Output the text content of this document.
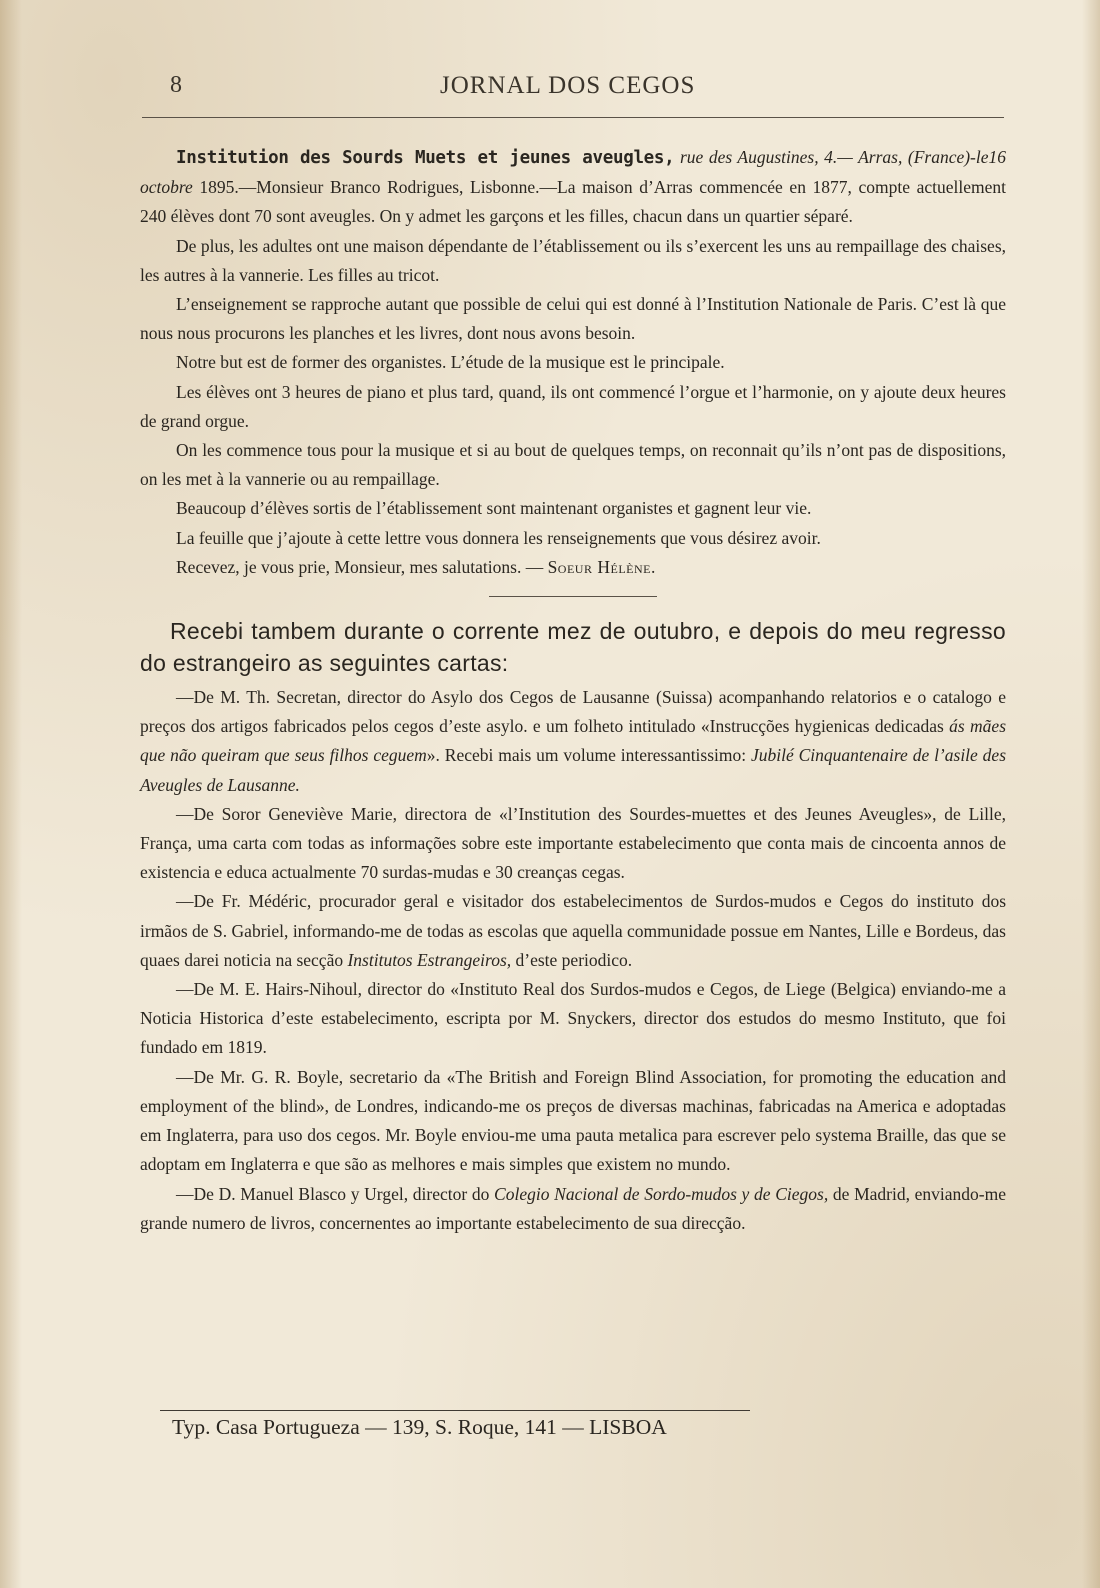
8	JORNAL DOS CEGOS

Institution des Sourds Muets et jeunes aveugles, rue des Augustines, 4.— Arras, (France)-le16 octobre 1895.—Monsieur Branco Rodrigues, Lisbonne.—La maison d’Arras commencée en 1877, compte actuellement 240 élèves dont 70 sont aveugles. On y admet les garçons et les filles, chacun dans un quartier séparé.

De plus, les adultes ont une maison dépendante de l’établissement ou ils s’exercent les uns au rempaillage des chaises, les autres à la vannerie. Les filles au tricot.

L’enseignement se rapproche autant que possible de celui qui est donné à l’Institution Nationale de Paris. C’est là que nous nous procurons les planches et les livres, dont nous avons besoin.

Notre but est de former des organistes. L’étude de la musique est le principale.

Les élèves ont 3 heures de piano et plus tard, quand, ils ont commencé l’orgue et l’harmonie, on y ajoute deux heures de grand orgue.

On les commence tous pour la musique et si au bout de quelques temps, on reconnait qu’ils n’ont pas de dispositions, on les met à la vannerie ou au rempaillage.

Beaucoup d’élèves sortis de l’établissement sont maintenant organistes et gagnent leur vie.

La feuille que j’ajoute à cette lettre vous donnera les renseignements que vous désirez avoir.

Recevez, je vous prie, Monsieur, mes salutations. — Soeur Hélène.

Recebi tambem durante o corrente mez de outubro, e depois do meu regresso do estrangeiro as seguintes cartas:

—De M. Th. Secretan, director do Asylo dos Cegos de Lausanne (Suissa) acompanhando relatorios e o catalogo e preços dos artigos fabricados pelos cegos d’este asylo. e um folheto intitulado «Instrucções hygienicas dedicadas ás mães que não queiram que seus filhos ceguem». Recebi mais um volume interessantissimo: Jubilé Cinquantenaire de l’asile des Aveugles de Lausanne.

—De Soror Geneviève Marie, directora de «l’Institution des Sourdes-muettes et des Jeunes Aveugles», de Lille, França, uma carta com todas as informações sobre este importante estabelecimento que conta mais de cincoenta annos de existencia e educa actualmente 70 surdas-mudas e 30 creanças cegas.

—De Fr. Médéric, procurador geral e visitador dos estabelecimentos de Surdos-mudos e Cegos do instituto dos irmãos de S. Gabriel, informando-me de todas as escolas que aquella communidade possue em Nantes, Lille e Bordeus, das quaes darei noticia na secção Institutos Estrangeiros, d’este periodico.

—De M. E. Hairs-Nihoul, director do «Instituto Real dos Surdos-mudos e Cegos, de Liege (Belgica) enviando-me a Noticia Historica d’este estabelecimento, escripta por M. Snyckers, director dos estudos do mesmo Instituto, que foi fundado em 1819.

—De Mr. G. R. Boyle, secretario da «The British and Foreign Blind Association, for promoting the education and employment of the blind», de Londres, indicando-me os preços de diversas machinas, fabricadas na America e adoptadas em Inglaterra, para uso dos cegos. Mr. Boyle enviou-me uma pauta metalica para escrever pelo systema Braille, das que se adoptam em Inglaterra e que são as melhores e mais simples que existem no mundo.

—De D. Manuel Blasco y Urgel, director do Colegio Nacional de Sordo-mudos y de Ciegos, de Madrid, enviando-me grande numero de livros, concernentes ao importante estabelecimento de sua direcção.

Typ. Casa Portugueza — 139, S. Roque, 141 — LISBOA
